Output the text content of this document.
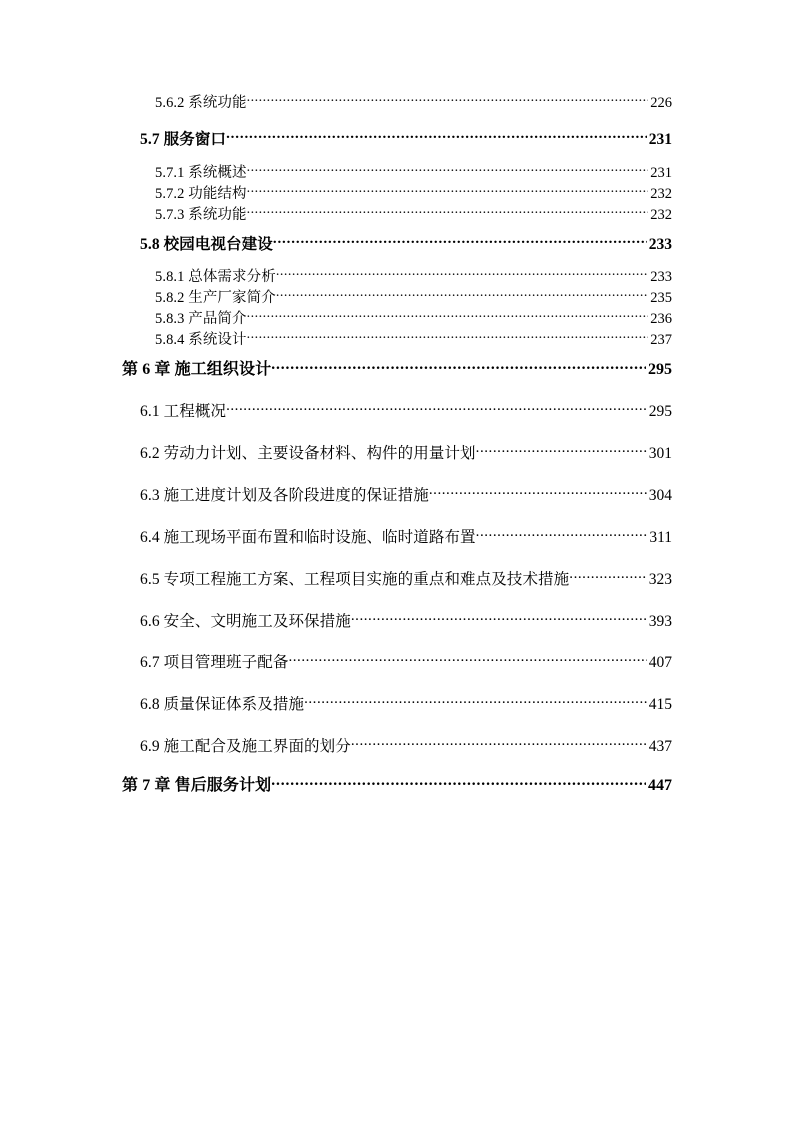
5.6.2 系统功能 .....	226
5.7 服务窗口 .....	231
5.7.1 系统概述 .....	231
5.7.2 功能结构 .....	232
5.7.3 系统功能 .....	232
5.8 校园电视台建设 .....	233
5.8.1 总体需求分析 .....	233
5.8.2 生产厂家简介 .....	235
5.8.3 产品简介 .....	236
5.8.4 系统设计 .....	237
第 6 章 施工组织设计 .....	295
6.1 工程概况 .....	295
6.2 劳动力计划、主要设备材料、构件的用量计划 .....	301
6.3 施工进度计划及各阶段进度的保证措施 .....	304
6.4 施工现场平面布置和临时设施、临时道路布置 .....	311
6.5 专项工程施工方案、工程项目实施的重点和难点及技术措施 .....	323
6.6 安全、文明施工及环保措施 .....	393
6.7 项目管理班子配备 .....	407
6.8 质量保证体系及措施 .....	415
6.9 施工配合及施工界面的划分 .....	437
第 7 章 售后服务计划 .....	447
